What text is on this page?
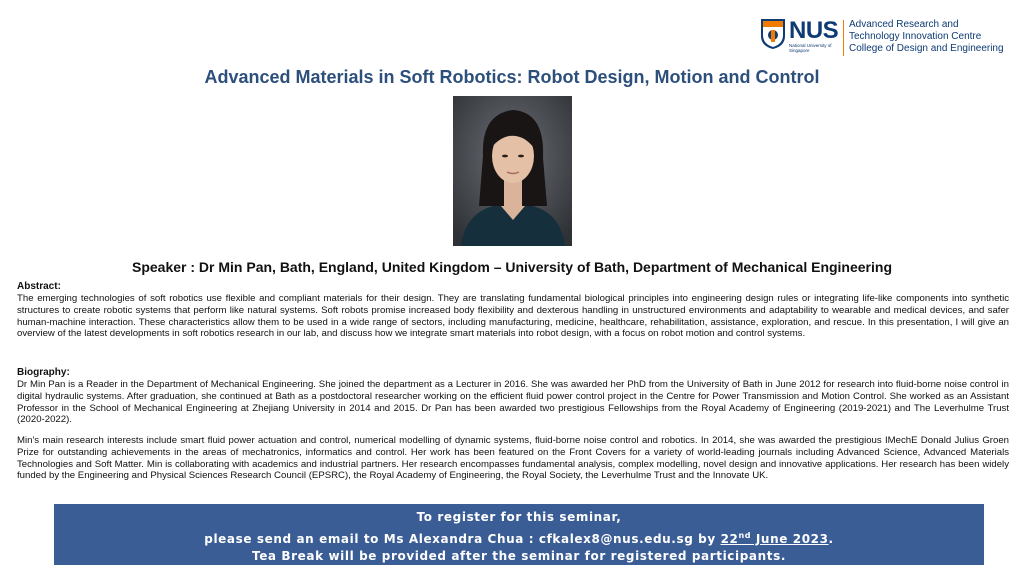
NUS
National University of Singapore
Advanced Research and
Technology Innovation Centre
College of Design and Engineering
Advanced Materials in Soft Robotics: Robot Design, Motion and Control
Speaker : Dr Min Pan, Bath, England, United Kingdom – University of Bath, Department of Mechanical Engineering
Abstract:
The emerging technologies of soft robotics use flexible and compliant materials for their design. They are translating fundamental biological principles into engineering design rules or integrating life-like components into synthetic structures to create robotic systems that perform like natural systems. Soft robots promise increased body flexibility and dexterous handling in unstructured environments and adaptability to wearable and medical devices, and safer human-machine interaction. These characteristics allow them to be used in a wide range of sectors, including manufacturing, medicine, healthcare, rehabilitation, assistance, exploration, and rescue. In this presentation, I will give an overview of the latest developments in soft robotics research in our lab, and discuss how we integrate smart materials into robot design, with a focus on robot motion and control systems.
Biography:
Dr Min Pan is a Reader in the Department of Mechanical Engineering. She joined the department as a Lecturer in 2016. She was awarded her PhD from the University of Bath in June 2012 for research into fluid-borne noise control in digital hydraulic systems. After graduation, she continued at Bath as a postdoctoral researcher working on the efficient fluid power control project in the Centre for Power Transmission and Motion Control. She worked as an Assistant Professor in the School of Mechanical Engineering at Zhejiang University in 2014 and 2015. Dr Pan has been awarded two prestigious Fellowships from the Royal Academy of Engineering (2019-2021) and The Leverhulme Trust (2020-2022).
Min's main research interests include smart fluid power actuation and control, numerical modelling of dynamic systems, fluid-borne noise control and robotics. In 2014, she was awarded the prestigious IMechE Donald Julius Groen Prize for outstanding achievements in the areas of mechatronics, informatics and control. Her work has been featured on the Front Covers for a variety of world-leading journals including Advanced Science, Advanced Materials Technologies and Soft Matter. Min is collaborating with academics and industrial partners. Her research encompasses fundamental analysis, complex modelling, novel design and innovative applications. Her research has been widely funded by the Engineering and Physical Sciences Research Council (EPSRC), the Royal Academy of Engineering, the Royal Society, the Leverhulme Trust and the Innovate UK.
To register for this seminar,
please send an email to Ms Alexandra Chua : cfkalex8@nus.edu.sg by 22nd June 2023.
Tea Break will be provided after the seminar for registered participants.
